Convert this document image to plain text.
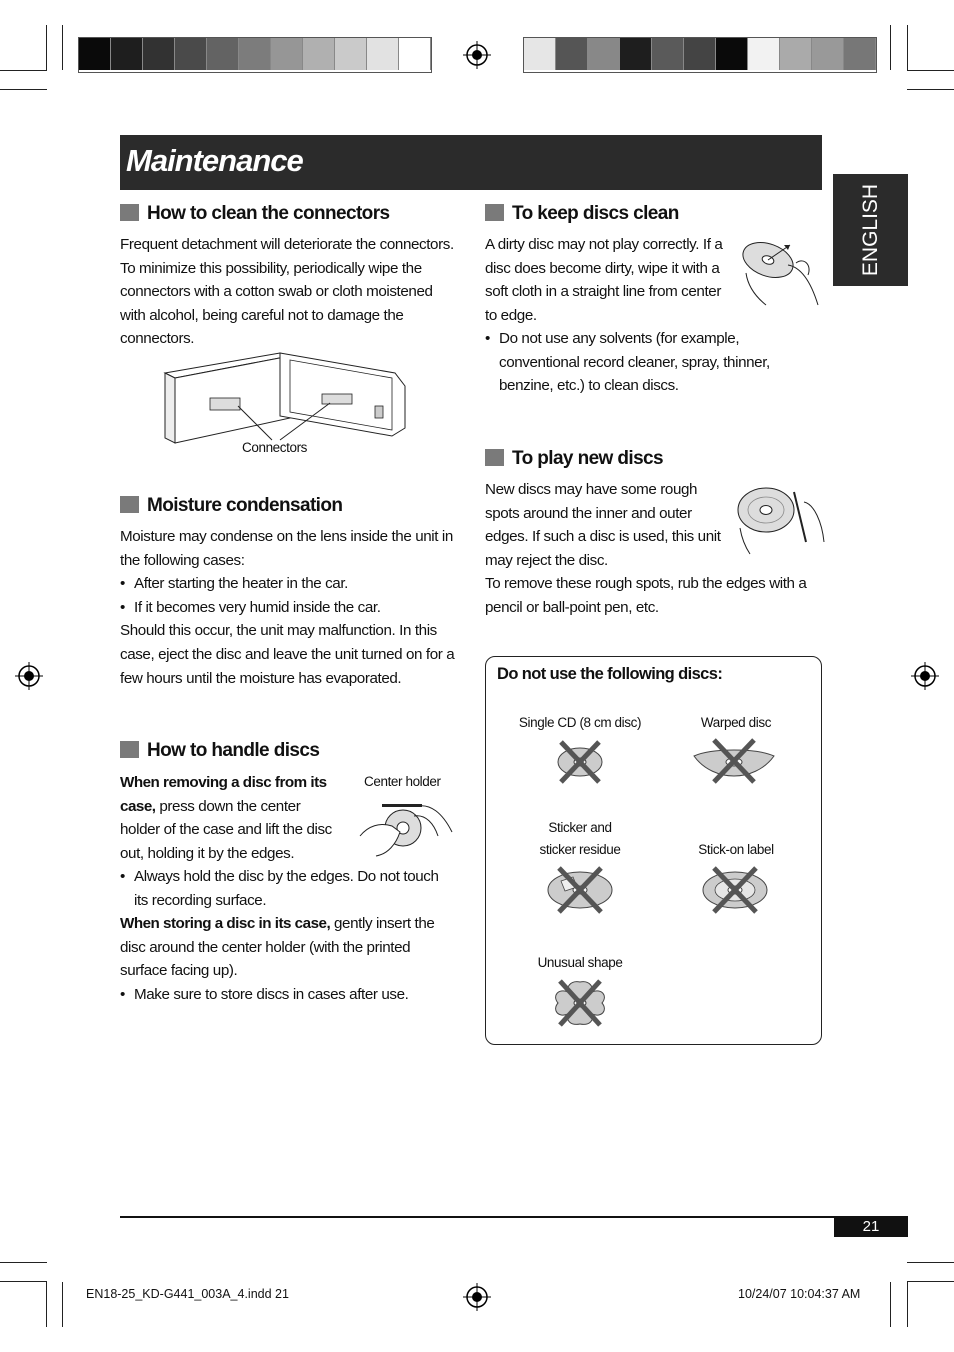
Maintenance
ENGLISH
How to clean the connectors
Frequent detachment will deteriorate the connectors. To minimize this possibility, periodically wipe the connectors with a cotton swab or cloth moistened with alcohol, being careful not to damage the connectors.
Connectors
Moisture condensation

Moisture may condense on the lens inside the unit in the following cases:

• After starting the heater in the car.

• If it becomes very humid inside the car.

Should this occur, the unit may malfunction. In this case, eject the disc and leave the unit turned on for a few hours until the moisture has evaporated.

How to handle discs

When removing a disc from its case, press down the center holder of the case and lift the disc out, holding it by the edges.

Center holder

• Always hold the disc by the edges. Do not touch its recording surface.

When storing a disc in its case, gently insert the disc around the center holder (with the printed surface facing up).

• Make sure to store discs in cases after use.

To keep discs clean
A dirty disc may not play correctly. If a disc does become dirty, wipe it with a soft cloth in a straight line from center to edge.

• Do not use any solvents (for example, conventional record cleaner, spray, thinner, benzine, etc.) to clean discs.

To play new discs
New discs may have some rough spots around the inner and outer edges. If such a disc is used, this unit may reject the disc.
To remove these rough spots, rub the edges with a pencil or ball-point pen, etc.
Do not use the following discs:
Single CD (8 cm disc)	Warped disc
Sticker and
sticker residue	Stick-on label
Unusual shape
21
EN18-25_KD-G441_003A_4.indd 21	10/24/07 10:04:37 AM
